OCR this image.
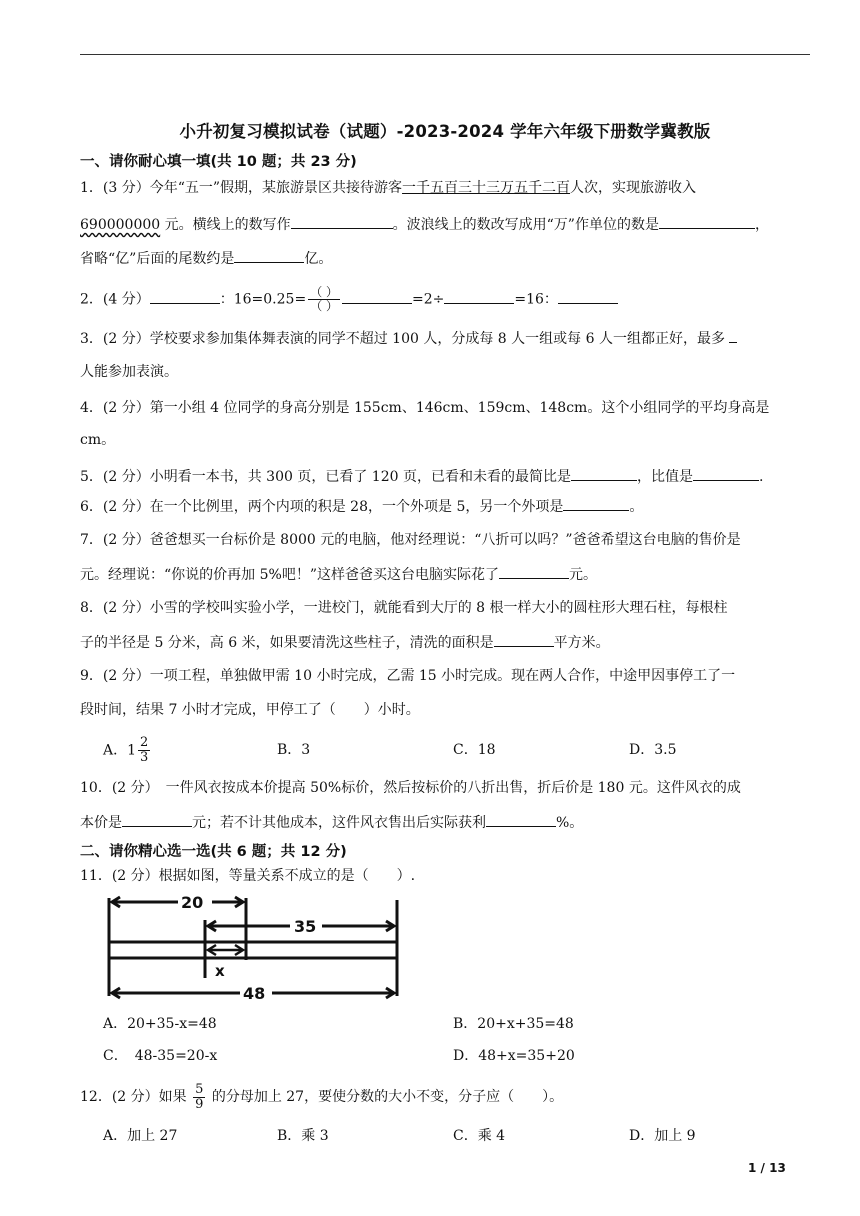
小升初复习模拟试卷（试题）-2023-2024 学年六年级下册数学冀教版
一、请你耐心填一填(共 10 题；共 23 分)
1．(3 分）今年“五一”假期，某旅游景区共接待游客一千五百三十三万五千二百人次，实现旅游收入
690000000 元。横线上的数写作	。波浪线上的数改写成用“万”作单位的数是	，
省略“亿”后面的尾数约是	亿。
2．(4 分）	：$16=0.25= \frac{( )}{( )}$	=2÷	=16：
3．(2 分）学校要求参加集体舞表演的同学不超过 100 人，分成每 8 人一组或每 6 人一组都正好，最多
人能参加表演。
4．(2 分）第一小组 4 位同学的身高分别是 155cm、146cm、159cm、148cm。这个小组同学的平均身高是
cm。
5．(2 分）小明看一本书，共 300 页，已看了 120 页，已看和未看的最简比是	，比值是	.
6．(2 分）在一个比例里，两个内项的积是 28，一个外项是 5，另一个外项是	。
7．(2 分）爸爸想买一台标价是 8000 元的电脑，他对经理说：“八折可以吗？”爸爸希望这台电脑的售价是
元。经理说：“你说的价再加 5%吧！”这样爸爸买这台电脑实际花了	元。
8．(2 分）小雪的学校叫实验小学，一进校门，就能看到大厅的 8 根一样大小的圆柱形大理石柱，每根柱
子的半径是 5 分米，高 6 米，如果要清洗这些柱子，清洗的面积是	平方米。
9．(2 分）一项工程，单独做甲需 10 小时完成，乙需 15 小时完成。现在两人合作，中途甲因事停工了一
段时间，结果 7 小时才完成，甲停工了（　　）小时。
A．$1 \frac{2}{3}$	B．3	C．18	D．3.5
10．(2 分）　一件风衣按成本价提高 50%标价，然后按标价的八折出售，折后价是 180 元。这件风衣的成
本价是	元；若不计其他成本，这件风衣售出后实际获利	%。
二、请你精心选一选(共 6 题；共 12 分)
11．(2 分）根据如图，等量关系不成立的是（　　）.
20
35
x
48
A．20+35-x=48	B．20+x+35=48
C．　48-35=20-x	D．48+x=35+20
12．(2 分）如果 $\frac{5}{9}$ 的分母加上 27，要使分数的大小不变，分子应（　　）。
A．加上 27	B．乘 3	C．乘 4	D．加上 9
1 / 13
